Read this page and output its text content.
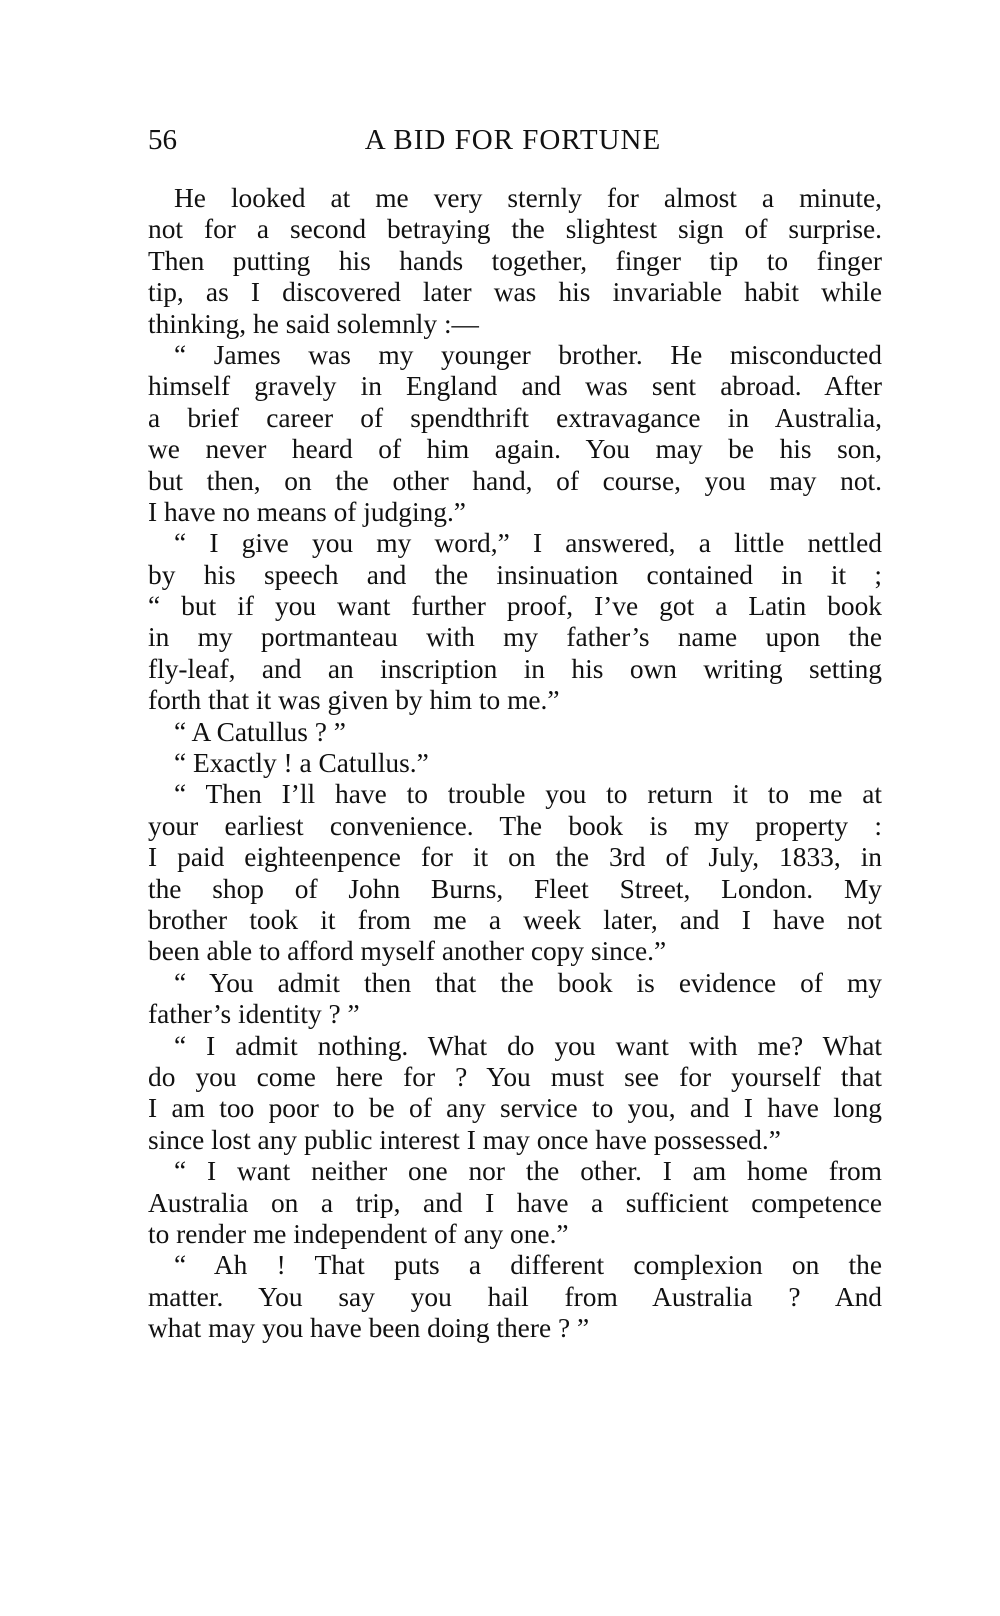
56	A BID FOR FORTUNE
He looked at me very sternly for almost a minute,
not for a second betraying the slightest sign of surprise.
Then putting his hands together, finger tip to finger
tip, as I discovered later was his invariable habit while
thinking, he said solemnly :—
“ James was my younger brother. He misconducted
himself gravely in England and was sent abroad. After
a brief career of spendthrift extravagance in Australia,
we never heard of him again. You may be his son,
but then, on the other hand, of course, you may not.
I have no means of judging.”
“ I give you my word,” I answered, a little nettled
by his speech and the insinuation contained in it ;
“ but if you want further proof, I’ve got a Latin book
in my portmanteau with my father’s name upon the
fly-leaf, and an inscription in his own writing setting
forth that it was given by him to me.”
“ A Catullus ? ”
“ Exactly ! a Catullus.”
“ Then I’ll have to trouble you to return it to me at
your earliest convenience. The book is my property :
I paid eighteenpence for it on the 3rd of July, 1833, in
the shop of John Burns, Fleet Street, London. My
brother took it from me a week later, and I have not
been able to afford myself another copy since.”
“ You admit then that the book is evidence of my
father’s identity ? ”
“ I admit nothing. What do you want with me? What
do you come here for ? You must see for yourself that
I am too poor to be of any service to you, and I have long
since lost any public interest I may once have possessed.”
“ I want neither one nor the other. I am home from
Australia on a trip, and I have a sufficient competence
to render me independent of any one.”
“ Ah ! That puts a different complexion on the
matter. You say you hail from Australia ? And
what may you have been doing there ? ”
